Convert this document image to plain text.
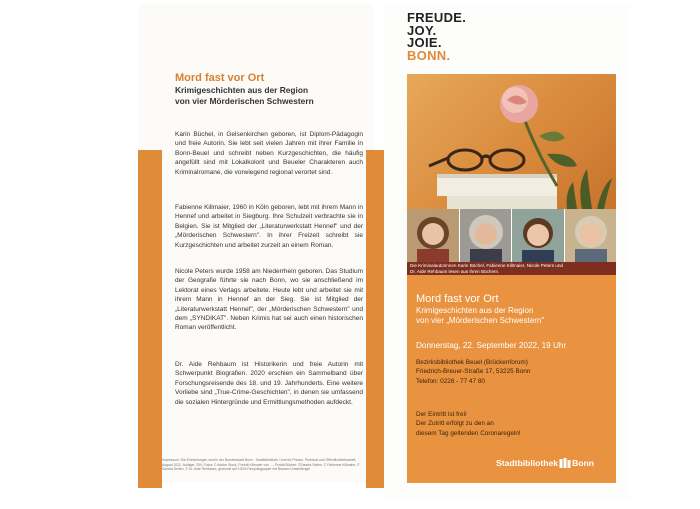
Mord fast vor Ort
Krimigeschichten aus der Region
von vier Mörderischen Schwestern
Karin Büchel, in Gelsenkirchen geboren, ist Diplom-Pädagogin und freie Autorin. Sie lebt seit vielen Jahren mit ihrer Familie in Bonn-Beuel und schreibt neben Kurzgeschichten, die häufig angefüllt sind mit Lokalkolorit und Beueler Charakteren auch Kriminalromane, die vorwiegend regional verortet sind.
Fabienne Killmaier, 1960 in Köln geboren, lebt mit ihrem Mann in Hennef und arbeitet in Siegburg. Ihre Schulzeit verbrachte sie in Belgien. Sie ist Mitglied der „Literaturwerkstatt Hennef" und der „Mörderischen Schwestern". In ihrer Freizeit schreibt sie Kurzgeschichten und arbeitet zurzeit an einem Roman.
Nicole Peters wurde 1958 am Niederrhein geboren. Das Studium der Geografie führte sie nach Bonn, wo sie anschließend im Lektorat eines Verlags arbeitete. Heute lebt und arbeitet sie mit ihrem Mann in Hennef an der Sieg. Sie ist Mitglied der „Literaturwerkstatt Hennef", der „Mörderischen Schwestern" und dem „SYNDIKAT". Neben Krimis hat sei auch einen historischen Roman veröffentlicht.
Dr. Aide Rehbaum ist Historikerin und freie Autorin mit Schwerpunkt Biografien. 2020 erschien ein Sammelband über Forschungsreisende des 18. und 19. Jahrhunderts. Eine weitere Vorliebe sind „True-Crime-Geschichten", in denen sie umfassend die sozialen Hintergründe und Ermittlungsmethoden aufdeckt.
Impressum: Die Einrichtungen sind in der Bundesstadt Bonn · Stadtbibliothek / Amt für Presse, Protokoll und Öffentlichkeitsarbeit, August 2022, Auflage: 250, Fotos: © Adobe Stock, Porträt Killmaier von ..., Porträt Büchel: ©Sandra Seifen, © Fabienne Killmaier, © Sandra Seifen, © Dr. Aide Rehbaum, gedruckt auf 100% Recyclingpapier mit Blauem Umweltengel
FREUDE.
JOY.
JOIE.
BONN.
Die Kriminalautorinnen Karin Büchel, Fabienne Killmaier, Nicole Peters und
Dr. Aide Rehbaum lesen aus ihren Büchern.
Mord fast vor Ort
Krimigeschichten aus der Region
von vier „Mörderischen Schwestern"
Donnerstag, 22. September 2022, 19 Uhr
Bezirksbibliothek Beuel (Brückenforum)
Friedrich-Breuer-Straße 17, 53225 Bonn
Telefon: 0228 - 77 47 80
Der Eintritt ist frei!
Der Zutritt erfolgt zu den an
diesem Tag geltenden Coronaregeln!
Stadtbibliothek Bonn
